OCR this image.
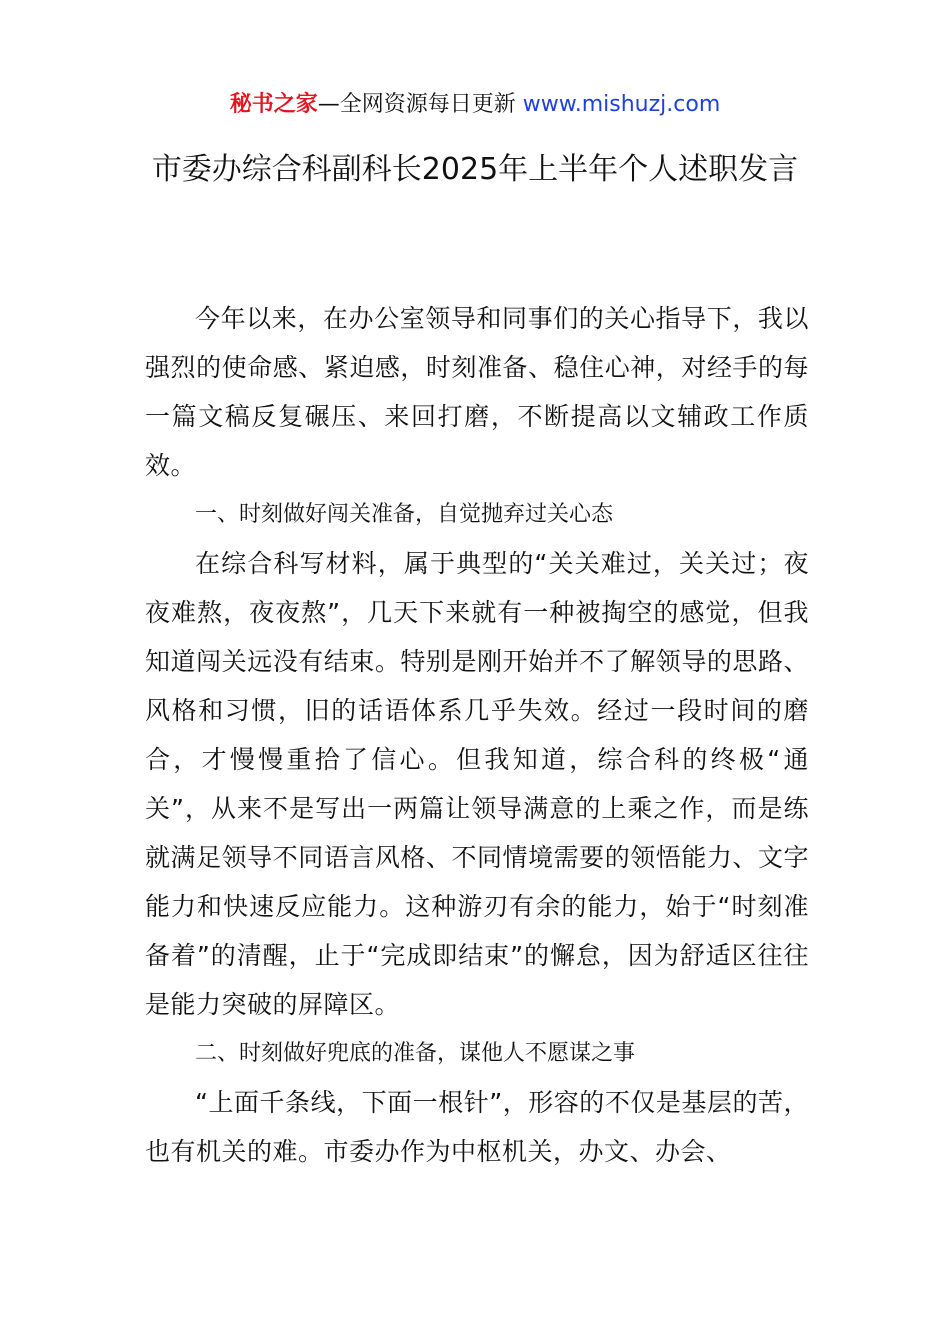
秘书之家—全网资源每日更新 www.mishuzj.com
市委办综合科副科长2025年上半年个人述职发言

今年以来，在办公室领导和同事们的关心指导下，我以强烈的使命感、紧迫感，时刻准备、稳住心神，对经手的每一篇文稿反复碾压、来回打磨，不断提高以文辅政工作质效。

一、时刻做好闯关准备，自觉抛弃过关心态

在综合科写材料，属于典型的“关关难过，关关过；夜夜难熬，夜夜熬”，几天下来就有一种被掏空的感觉，但我知道闯关远没有结束。特别是刚开始并不了解领导的思路、风格和习惯，旧的话语体系几乎失效。经过一段时间的磨合，才慢慢重拾了信心。但我知道，综合科的终极“通关”，从来不是写出一两篇让领导满意的上乘之作，而是练就满足领导不同语言风格、不同情境需要的领悟能力、文字能力和快速反应能力。这种游刃有余的能力，始于“时刻准备着”的清醒，止于“完成即结束”的懈怠，因为舒适区往往是能力突破的屏障区。

二、时刻做好兜底的准备，谋他人不愿谋之事

“上面千条线，下面一根针”，形容的不仅是基层的苦，也有机关的难。市委办作为中枢机关，办文、办会、
